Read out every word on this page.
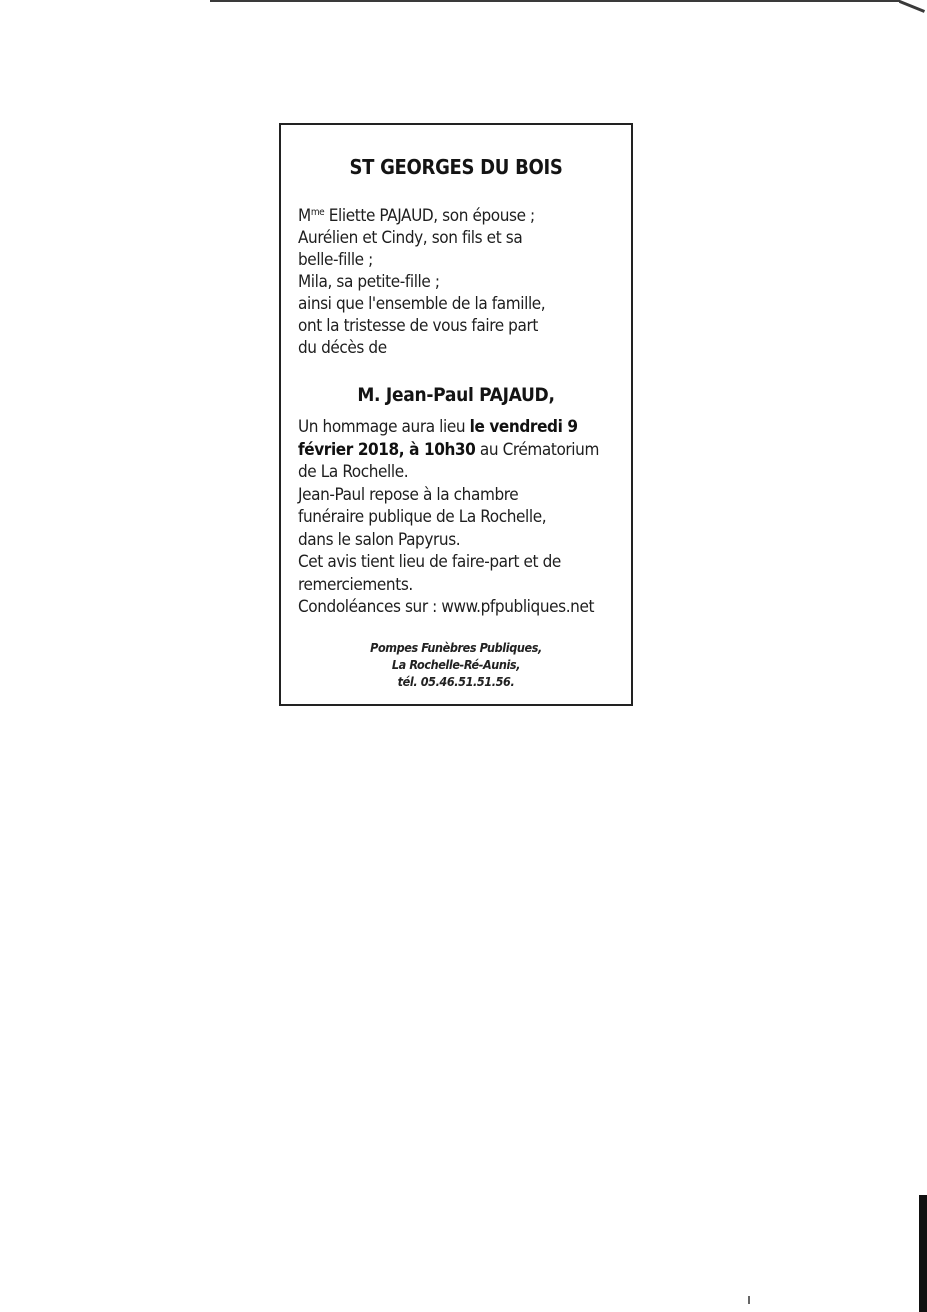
ST GEORGES DU BOIS
$M^{me}$ Eliette PAJAUD, son épouse ;
Aurélien et Cindy, son fils et sa
belle-fille ;
Mila, sa petite-fille ;
ainsi que l'ensemble de la famille,
ont la tristesse de vous faire part
du décès de
M. Jean-Paul PAJAUD,
Un hommage aura lieu le vendredi 9
février 2018, à 10h30 au Crématorium
de La Rochelle.
Jean-Paul repose à la chambre
funéraire publique de La Rochelle,
dans le salon Papyrus.
Cet avis tient lieu de faire-part et de
remerciements.
Condoléances sur : www.pfpubliques.net
Pompes Funèbres Publiques,
La Rochelle-Ré-Aunis,
tél. 05.46.51.51.56.
